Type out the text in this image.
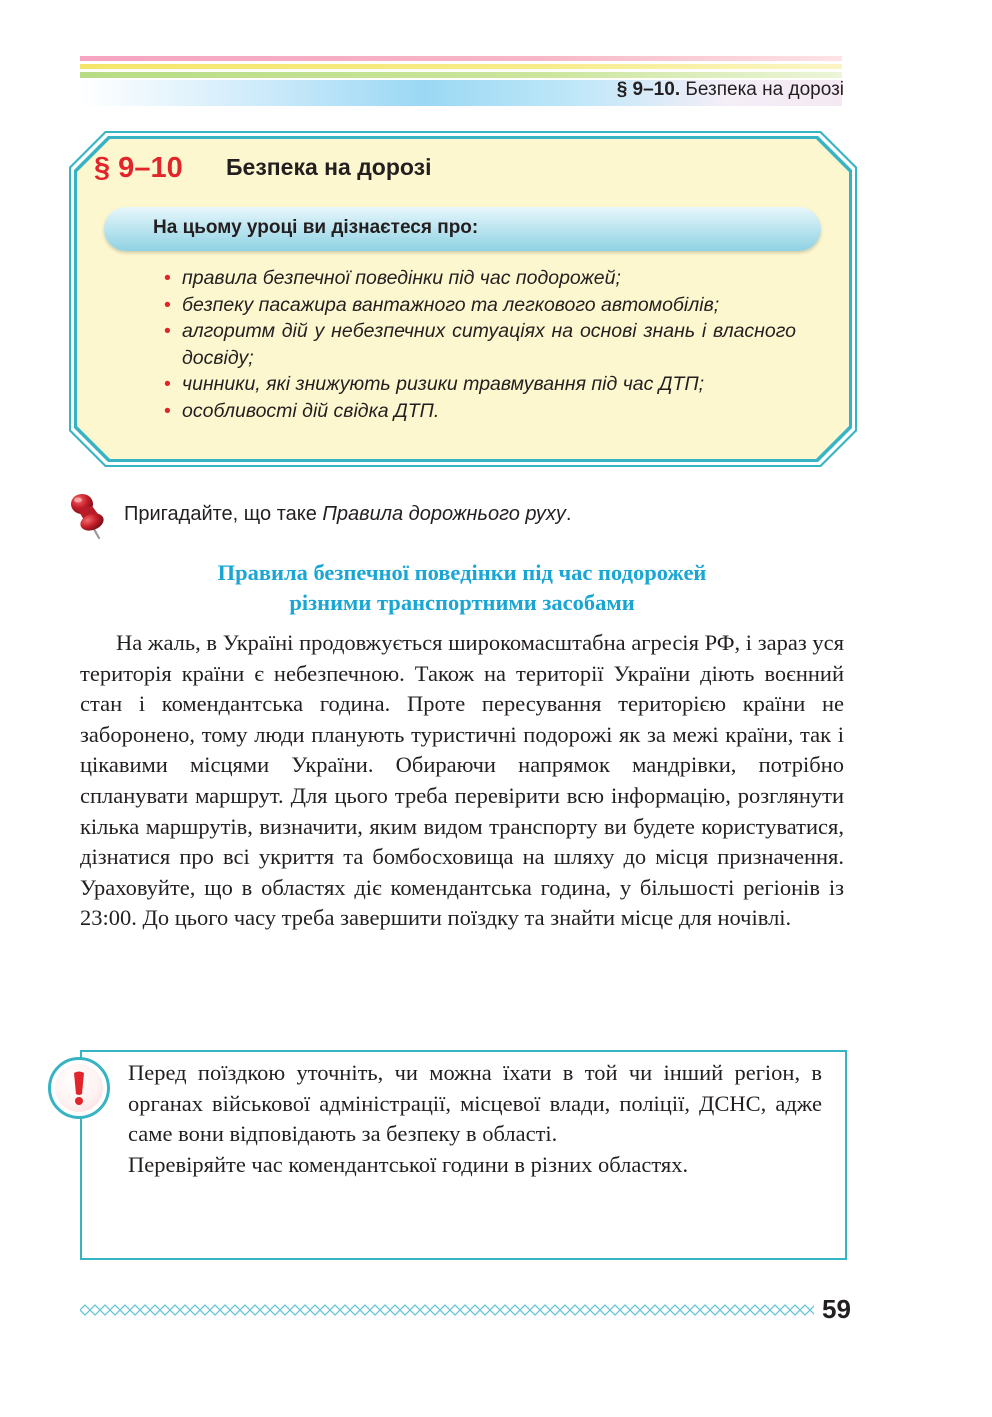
§ 9–10. Безпека на дорозі
§ 9–10 Безпека на дорозі
На цьому уроці ви дізнаєтеся про:
• правила безпечної поведінки під час подорожей;
• безпеку пасажира вантажного та легкового автомобілів;
• алгоритм дій у небезпечних ситуаціях на основі знань і власного досвіду;
• чинники, які знижують ризики травмування під час ДТП;
• особливості дій свідка ДТП.
Пригадайте, що таке Правила дорожнього руху.
Правила безпечної поведінки під час подорожей
різними транспортними засобами

На жаль, в Україні продовжується широкомасштабна агресія РФ, і зараз уся територія країни є небезпечною. Також на території України діють воєнний стан і комендантська година. Проте пересування територією країни не заборонено, тому люди планують туристичні подорожі як за межі країни, так і цікавими місцями України. Обираючи напрямок мандрівки, потрібно спланувати маршрут. Для цього треба перевірити всю інформацію, розглянути кілька маршрутів, визначити, яким видом транспорту ви будете користуватися, дізнатися про всі укриття та бомбосховища на шляху до місця призначення. Ураховуйте, що в областях діє комендантська година, у більшості регіонів із 23:00. До цього часу треба завершити поїздку та знайти місце для ночівлі.

Перед поїздкою уточніть, чи можна їхати в той чи інший регіон, в органах військової адміністрації, місцевої влади, поліції, ДСНС, адже саме вони відповідають за безпеку в області.

Перевіряйте час комендантської години в різних областях.

59
